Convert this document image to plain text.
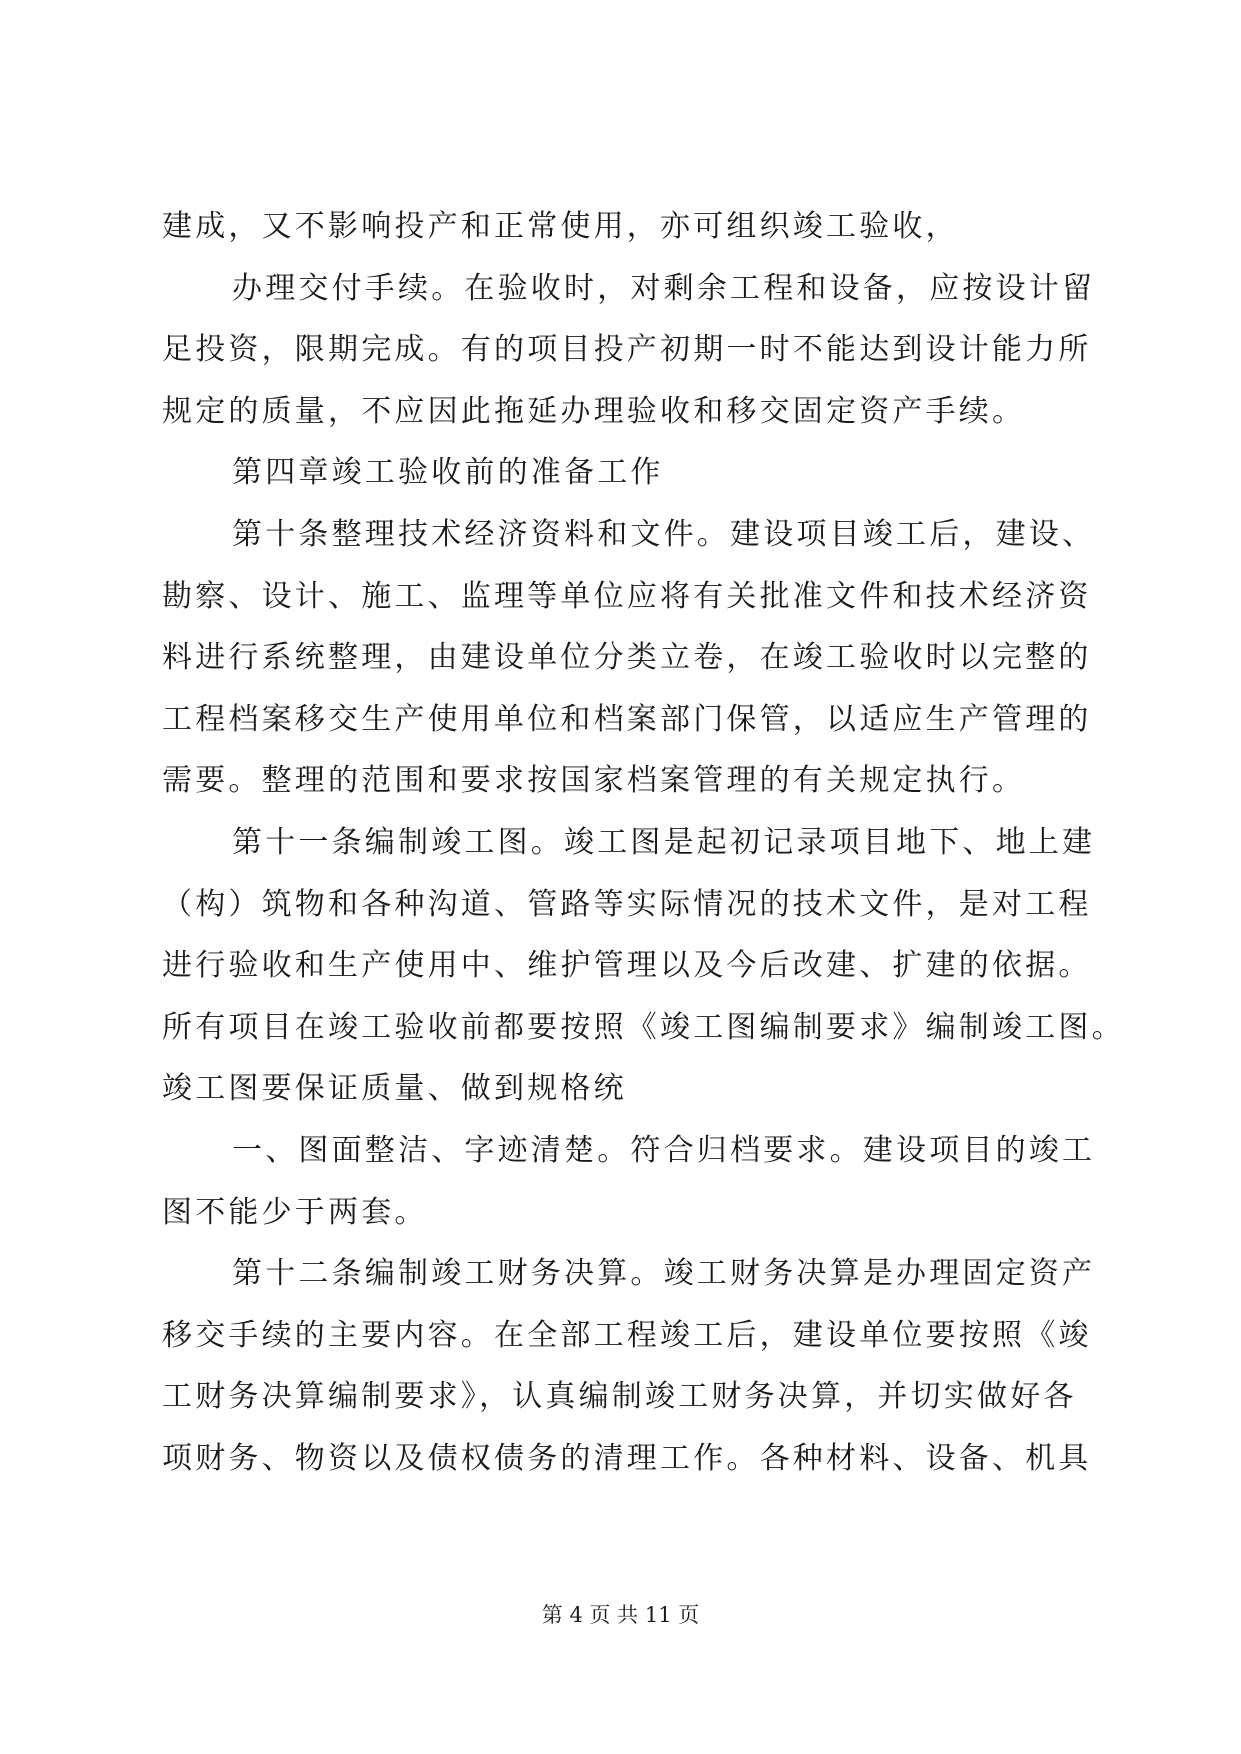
建成，又不影响投产和正常使用，亦可组织竣工验收，
办理交付手续。在验收时，对剩余工程和设备，应按设计留
足投资，限期完成。有的项目投产初期一时不能达到设计能力所
规定的质量，不应因此拖延办理验收和移交固定资产手续。
第四章竣工验收前的准备工作
第十条整理技术经济资料和文件。建设项目竣工后，建设、
勘察、设计、施工、监理等单位应将有关批准文件和技术经济资
料进行系统整理，由建设单位分类立卷，在竣工验收时以完整的
工程档案移交生产使用单位和档案部门保管，以适应生产管理的
需要。整理的范围和要求按国家档案管理的有关规定执行。
第十一条编制竣工图。竣工图是起初记录项目地下、地上建
（构）筑物和各种沟道、管路等实际情况的技术文件，是对工程
进行验收和生产使用中、维护管理以及今后改建、扩建的依据。
所有项目在竣工验收前都要按照《竣工图编制要求》编制竣工图。
竣工图要保证质量、做到规格统
一、图面整洁、字迹清楚。符合归档要求。建设项目的竣工
图不能少于两套。
第十二条编制竣工财务决算。竣工财务决算是办理固定资产
移交手续的主要内容。在全部工程竣工后，建设单位要按照《竣
工财务决算编制要求》，认真编制竣工财务决算，并切实做好各
项财务、物资以及债权债务的清理工作。各种材料、设备、机具
第 4 页 共 11 页
